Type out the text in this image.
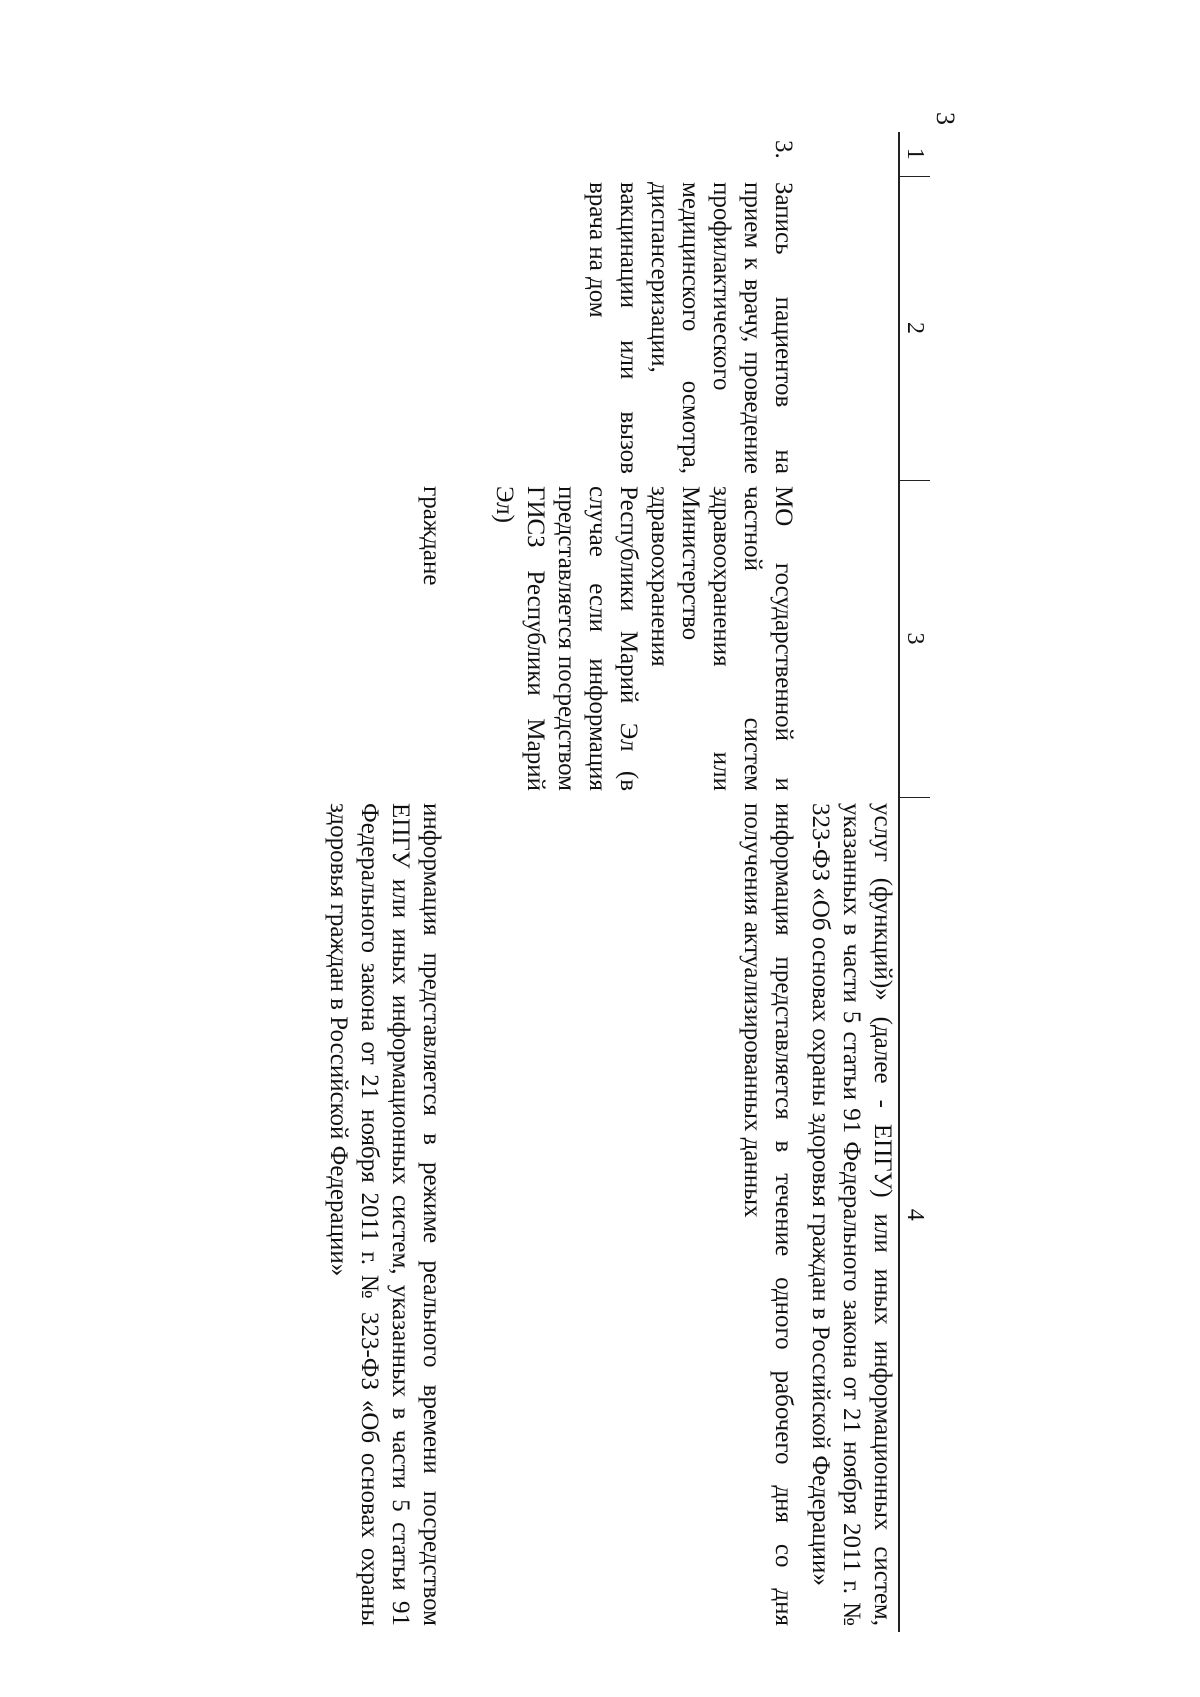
3
1	2	3	4
			услуг (функций)» (далее - ЕПГУ) или иных информационных систем, указанных в части 5 статьи 91 Федерального закона от 21 ноября 2011 г. № 323-ФЗ «Об основах охраны здоровья граждан в Российской Федерации»
3.	Запись пациентов на прием к врачу, проведение профилактического медицинского осмотра, диспансеризации, вакцинации или вызов врача на дом	МО государственной и частной систем здравоохранения или Министерство здравоохранения Республики Марий Эл (в случае если информация представляется посредством ГИСЗ Республики Марий Эл)	информация представляется в течение одного рабочего дня со дня получения актуализированных данных
		граждане	информация представляется в режиме реального времени посредством ЕПГУ или иных информационных систем, указанных в части 5 статьи 91 Федерального закона от 21 ноября 2011 г. № 323-ФЗ «Об основах охраны здоровья граждан в Российской Федерации»
